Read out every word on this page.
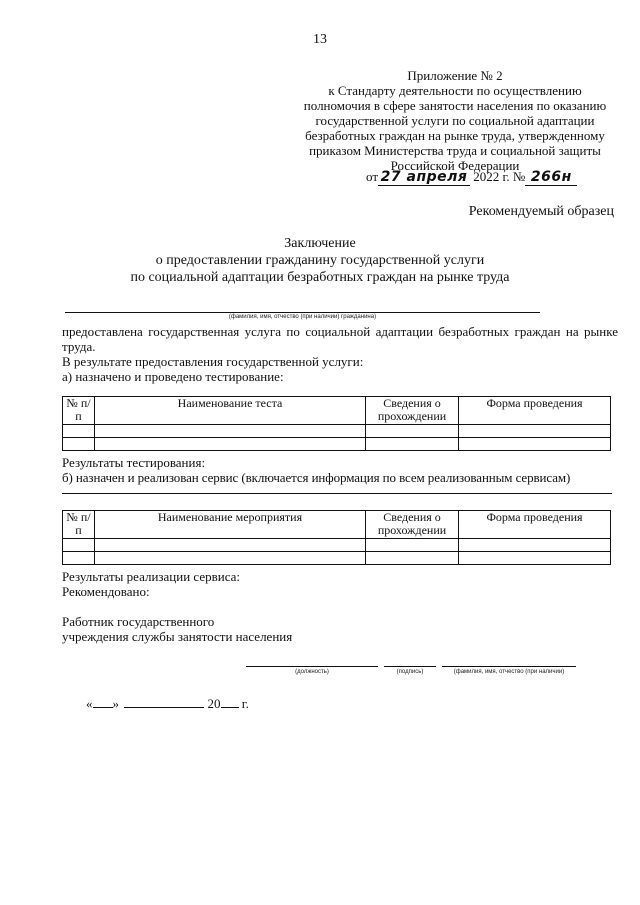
13
Приложение № 2
к Стандарту деятельности по осуществлению
полномочия в сфере занятости населения по оказанию
государственной услуги по социальной адаптации
безработных граждан на рынке труда, утвержденному
приказом Министерства труда и социальной защиты
Российской Федерации
от 27 апреля 2022 г. № 266н
Рекомендуемый образец
Заключение
о предоставлении гражданину государственной услуги
по социальной адаптации безработных граждан на рынке труда
(фамилия, имя, отчество (при наличии) гражданина)
предоставлена государственная услуга по социальной адаптации безработных граждан на рынке труда.
В результате предоставления государственной услуги:
а) назначено и проведено тестирование:
№ п/п	Наименование теста	Сведения о прохождении	Форма проведения

Результаты тестирования:
б) назначен и реализован сервис (включается информация по всем реализованным сервисам)
№ п/п	Наименование мероприятия	Сведения о прохождении	Форма проведения

Результаты реализации сервиса:
Рекомендовано:
Работник государственного
учреждения службы занятости населения
(должность)	(подпись)	(фамилия, имя, отчество (при наличии)
« »	20 г.
